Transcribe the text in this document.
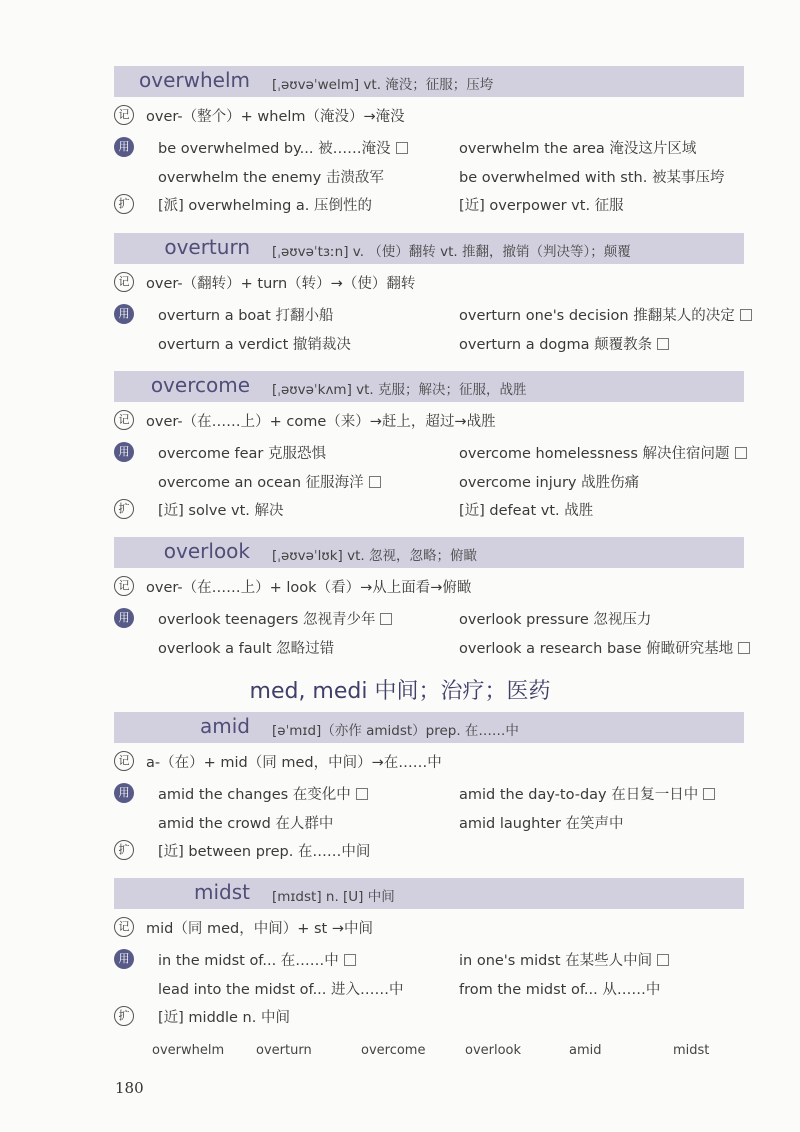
overwhelm [ˌəʊvəˈwelm] vt. 淹没；征服；压垮
记	over-（整个）+ whelm（淹没）→淹没
用	be overwhelmed by... 被……淹没	overwhelm the area 淹没这片区域
overwhelm the enemy 击溃敌军	be overwhelmed with sth. 被某事压垮
扩	[派] overwhelming a. 压倒性的	[近] overpower vt. 征服
overturn [ˌəʊvəˈtɜːn] v. （使）翻转 vt. 推翻，撤销（判决等）；颠覆
记	over-（翻转）+ turn（转）→（使）翻转
用	overturn a boat 打翻小船	overturn one's decision 推翻某人的决定
overturn a verdict 撤销裁决	overturn a dogma 颠覆教条
overcome [ˌəʊvəˈkʌm] vt. 克服；解决；征服，战胜
记	over-（在……上）+ come（来）→赶上，超过→战胜
用	overcome fear 克服恐惧	overcome homelessness 解决住宿问题
overcome an ocean 征服海洋	overcome injury 战胜伤痛
扩	[近] solve vt. 解决	[近] defeat vt. 战胜
overlook [ˌəʊvəˈlʊk] vt. 忽视，忽略；俯瞰
记	over-（在……上）+ look（看）→从上面看→俯瞰
用	overlook teenagers 忽视青少年	overlook pressure 忽视压力
overlook a fault 忽略过错	overlook a research base 俯瞰研究基地
med, medi 中间；治疗；医药
amid [əˈmɪd]（亦作 amidst）prep. 在……中
记	a-（在）+ mid（同 med，中间）→在……中
用	amid the changes 在变化中	amid the day-to-day 在日复一日中
amid the crowd 在人群中	amid laughter 在笑声中
扩	[近] between prep. 在……中间
midst [mɪdst] n. [U] 中间
记	mid（同 med，中间）+ st →中间
用	in the midst of... 在……中	in one's midst 在某些人中间
lead into the midst of... 进入……中	from the midst of... 从……中
扩	[近] middle n. 中间
overwhelm overturn	overcome	overlook	amid	midst
180
